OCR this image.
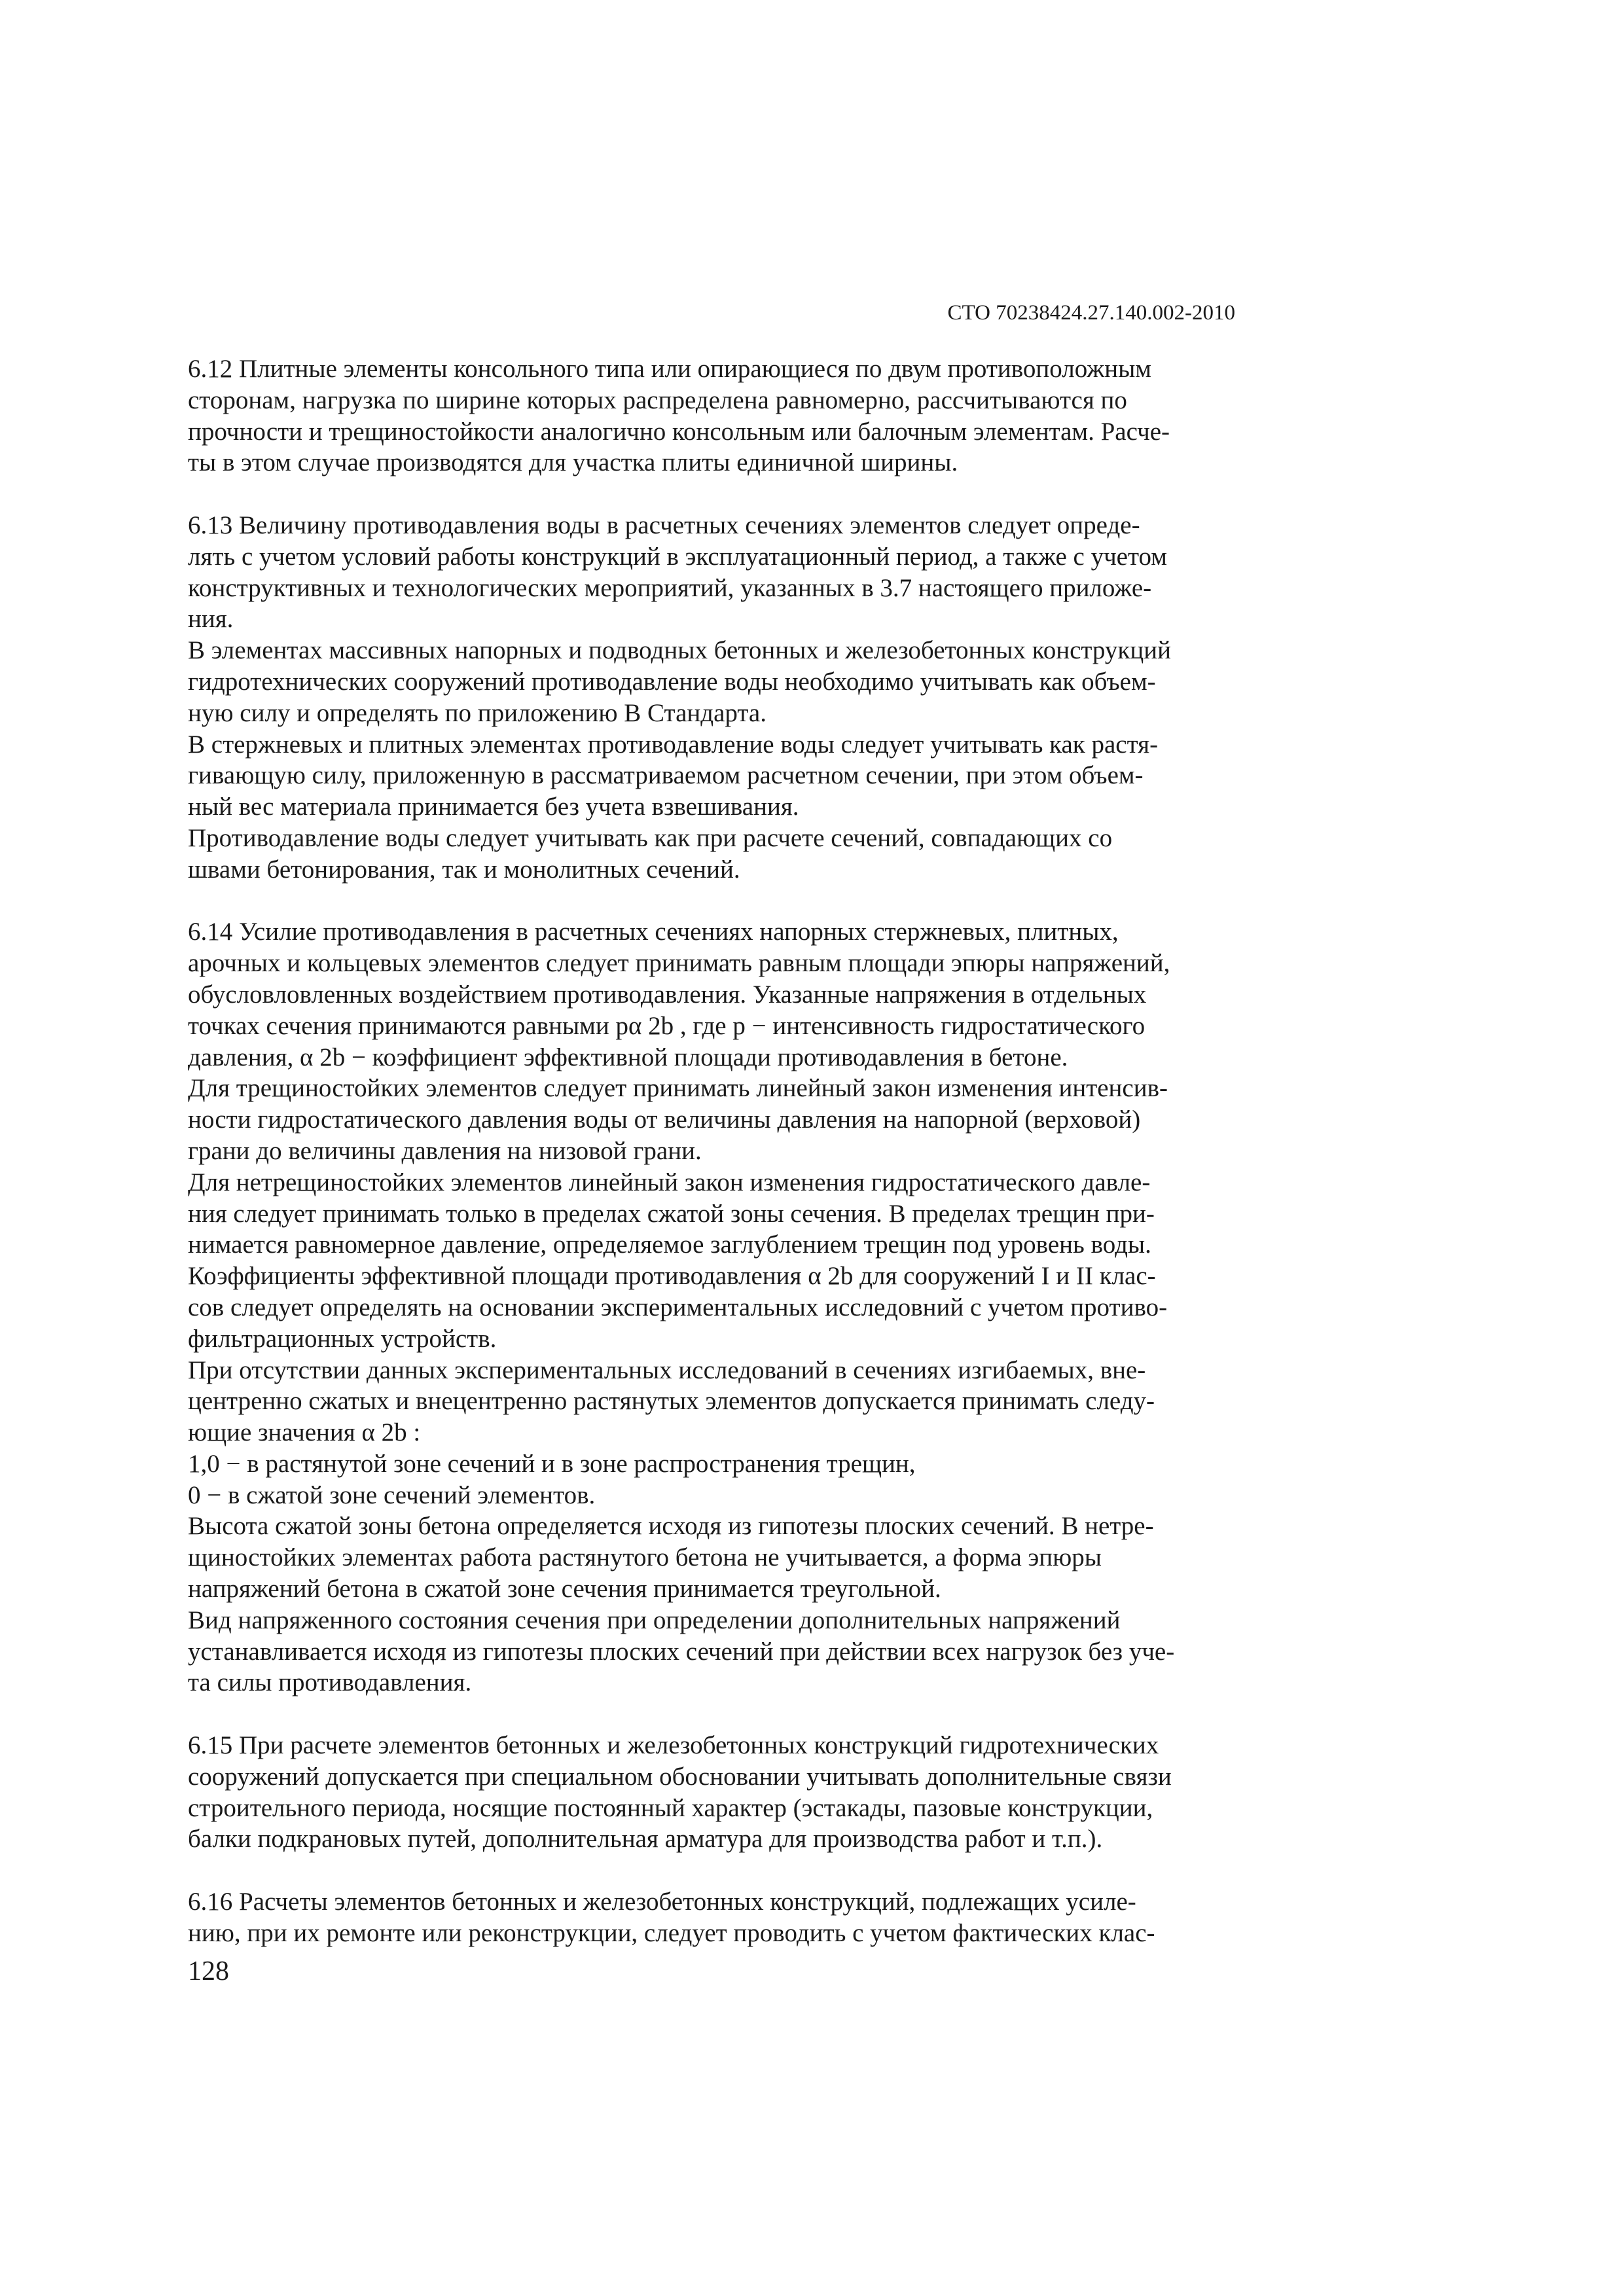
СТО 70238424.27.140.002-2010
6.12 Плитные элементы консольного типа или опирающиеся по двум противоположным
сторонам, нагрузка по ширине которых распределена равномерно, рассчитываются по
прочности и трещиностойкости аналогично консольным или балочным элементам. Расче-
ты в этом случае производятся для участка плиты единичной ширины.
6.13 Величину противодавления воды в расчетных сечениях элементов следует опреде-
лять с учетом условий работы конструкций в эксплуатационный период, а также с учетом
конструктивных и технологических мероприятий, указанных в 3.7 настоящего приложе-
ния.
В элементах массивных напорных и подводных бетонных и железобетонных конструкций
гидротехнических сооружений противодавление воды необходимо учитывать как объем-
ную силу и определять по приложению В Стандарта.
В стержневых и плитных элементах противодавление воды следует учитывать как растя-
гивающую силу, приложенную в рассматриваемом расчетном сечении, при этом объем-
ный вес материала принимается без учета взвешивания.
Противодавление воды следует учитывать как при расчете сечений, совпадающих со
швами бетонирования, так и монолитных сечений.
6.14 Усилие противодавления в расчетных сечениях напорных стержневых, плитных,
арочных и кольцевых элементов следует принимать равным площади эпюры напряжений,
обусловловленных воздействием противодавления. Указанные напряжения в отдельных
точках сечения принимаются равными pα 2b , где p − интенсивность гидростатического
давления, α 2b − коэффициент эффективной площади противодавления в бетоне.
Для трещиностойких элементов следует принимать линейный закон изменения интенсив-
ности гидростатического давления воды от величины давления на напорной (верховой)
грани до величины давления на низовой грани.
Для нетрещиностойких элементов линейный закон изменения гидростатического давле-
ния следует принимать только в пределах сжатой зоны сечения. В пределах трещин при-
нимается равномерное давление, определяемое заглублением трещин под уровень воды.
Коэффициенты эффективной площади противодавления α 2b для сооружений I и II клас-
сов следует определять на основании экспериментальных исследовний с учетом противо-
фильтрационных устройств.
При отсутствии данных экспериментальных исследований в сечениях изгибаемых, вне-
центренно сжатых и внецентренно растянутых элементов допускается принимать следу-
ющие значения α 2b :
1,0 − в растянутой зоне сечений и в зоне распространения трещин,
0 − в сжатой зоне сечений элементов.
Высота сжатой зоны бетона определяется исходя из гипотезы плоских сечений. В нетре-
щиностойких элементах работа растянутого бетона не учитывается, а форма эпюры
напряжений бетона в сжатой зоне сечения принимается треугольной.
Вид напряженного состояния сечения при определении дополнительных напряжений
устанавливается исходя из гипотезы плоских сечений при действии всех нагрузок без уче-
та силы противодавления.
6.15 При расчете элементов бетонных и железобетонных конструкций гидротехнических
сооружений допускается при специальном обосновании учитывать дополнительные связи
строительного периода, носящие постоянный характер (эстакады, пазовые конструкции,
балки подкрановых путей, дополнительная арматура для производства работ и т.п.).
6.16 Расчеты элементов бетонных и железобетонных конструкций, подлежащих усиле-
нию, при их ремонте или реконструкции, следует проводить с учетом фактических клас-
128
